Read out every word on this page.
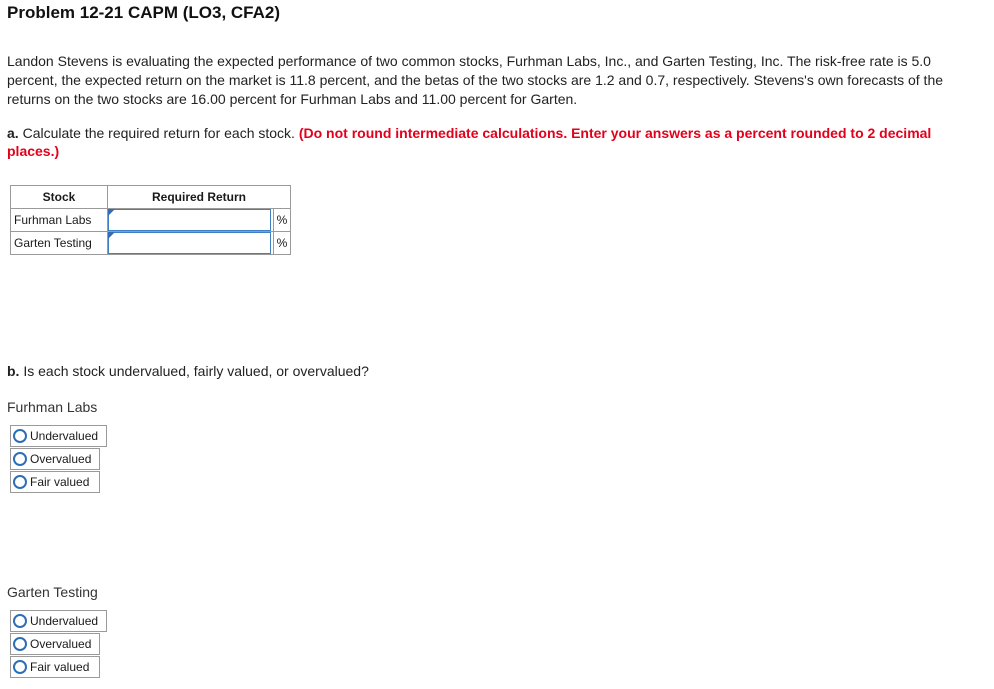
Problem 12-21 CAPM (LO3, CFA2)
Landon Stevens is evaluating the expected performance of two common stocks, Furhman Labs, Inc., and Garten Testing, Inc. The risk-free rate is 5.0 percent, the expected return on the market is 11.8 percent, and the betas of the two stocks are 1.2 and 0.7, respectively. Stevens's own forecasts of the returns on the two stocks are 16.00 percent for Furhman Labs and 11.00 percent for Garten.
a. Calculate the required return for each stock. (Do not round intermediate calculations. Enter your answers as a percent rounded to 2 decimal places.)
Stock	Required Return
Furhman Labs	%

Garten Testing	%
b. Is each stock undervalued, fairly valued, or overvalued?
Furhman Labs
Undervalued
Overvalued
Fair valued
Garten Testing
Undervalued
Overvalued
Fair valued
